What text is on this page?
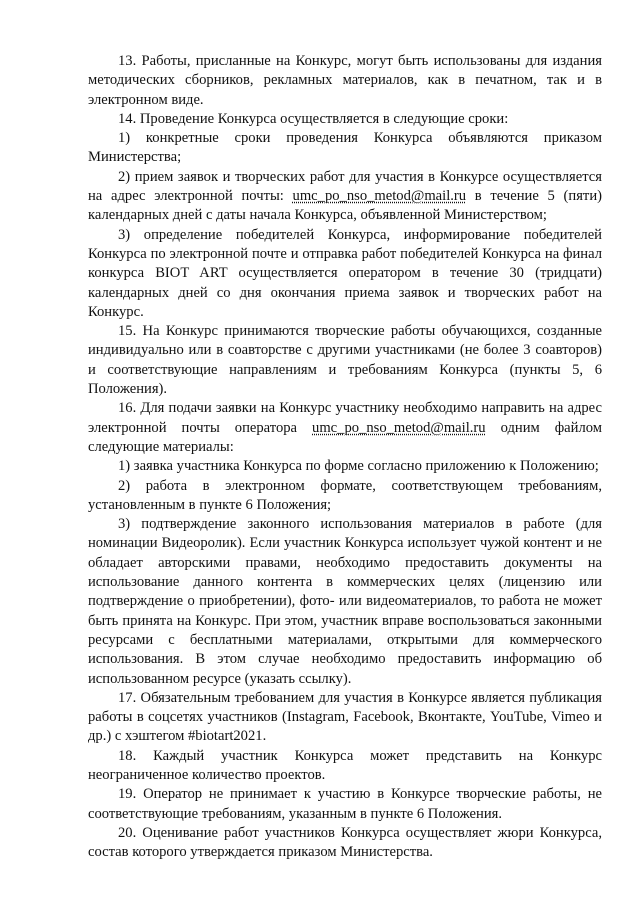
13. Работы, присланные на Конкурс, могут быть использованы для издания методических сборников, рекламных материалов, как в печатном, так и в электронном виде.

14. Проведение Конкурса осуществляется в следующие сроки:

1) конкретные сроки проведения Конкурса объявляются приказом Министерства;

2) прием заявок и творческих работ для участия в Конкурсе осуществляется на адрес электронной почты: umc_po_nso_metod@mail.ru в течение 5 (пяти) календарных дней с даты начала Конкурса, объявленной Министерством;

3) определение победителей Конкурса, информирование победителей Конкурса по электронной почте и отправка работ победителей Конкурса на финал конкурса BIOT ART осуществляется оператором в течение 30 (тридцати) календарных дней со дня окончания приема заявок и творческих работ на Конкурс.

15. На Конкурс принимаются творческие работы обучающихся, созданные индивидуально или в соавторстве с другими участниками (не более 3 соавторов) и соответствующие направлениям и требованиям Конкурса (пункты 5, 6 Положения).

16. Для подачи заявки на Конкурс участнику необходимо направить на адрес электронной почты оператора umc_po_nso_metod@mail.ru одним файлом следующие материалы:

1) заявка участника Конкурса по форме согласно приложению к Положению;

2) работа в электронном формате, соответствующем требованиям, установленным в пункте 6 Положения;

3) подтверждение законного использования материалов в работе (для номинации Видеоролик). Если участник Конкурса использует чужой контент и не обладает авторскими правами, необходимо предоставить документы на использование данного контента в коммерческих целях (лицензию или подтверждение о приобретении), фото- или видеоматериалов, то работа не может быть принята на Конкурс. При этом, участник вправе воспользоваться законными ресурсами с бесплатными материалами, открытыми для коммерческого использования. В этом случае необходимо предоставить информацию об использованном ресурсе (указать ссылку).

17. Обязательным требованием для участия в Конкурсе является публикация работы в соцсетях участников (Instagram, Facebook, Вконтакте, YouTube, Vimeo и др.) с хэштегом #biotart2021.

18. Каждый участник Конкурса может представить на Конкурс неограниченное количество проектов.

19. Оператор не принимает к участию в Конкурсе творческие работы, не соответствующие требованиям, указанным в пункте 6 Положения.

20. Оценивание работ участников Конкурса осуществляет жюри Конкурса, состав которого утверждается приказом Министерства.
